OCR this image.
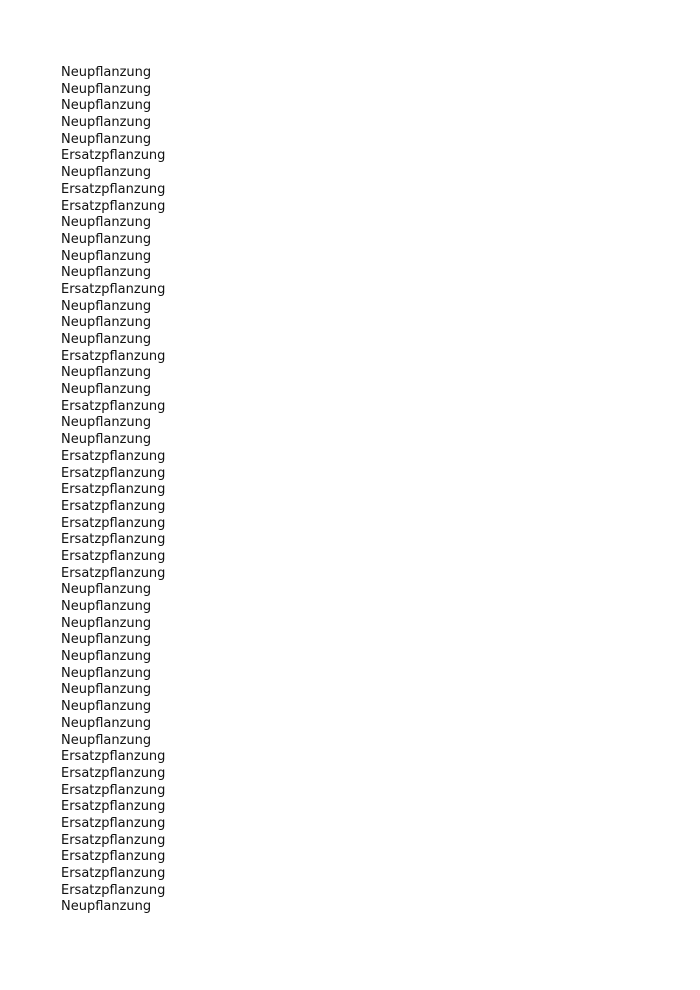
Neupflanzung
Neupflanzung
Neupflanzung
Neupflanzung
Neupflanzung
Ersatzpflanzung
Neupflanzung
Ersatzpflanzung
Ersatzpflanzung
Neupflanzung
Neupflanzung
Neupflanzung
Neupflanzung
Ersatzpflanzung
Neupflanzung
Neupflanzung
Neupflanzung
Ersatzpflanzung
Neupflanzung
Neupflanzung
Ersatzpflanzung
Neupflanzung
Neupflanzung
Ersatzpflanzung
Ersatzpflanzung
Ersatzpflanzung
Ersatzpflanzung
Ersatzpflanzung
Ersatzpflanzung
Ersatzpflanzung
Ersatzpflanzung
Neupflanzung
Neupflanzung
Neupflanzung
Neupflanzung
Neupflanzung
Neupflanzung
Neupflanzung
Neupflanzung
Neupflanzung
Neupflanzung
Ersatzpflanzung
Ersatzpflanzung
Ersatzpflanzung
Ersatzpflanzung
Ersatzpflanzung
Ersatzpflanzung
Ersatzpflanzung
Ersatzpflanzung
Ersatzpflanzung
Neupflanzung
